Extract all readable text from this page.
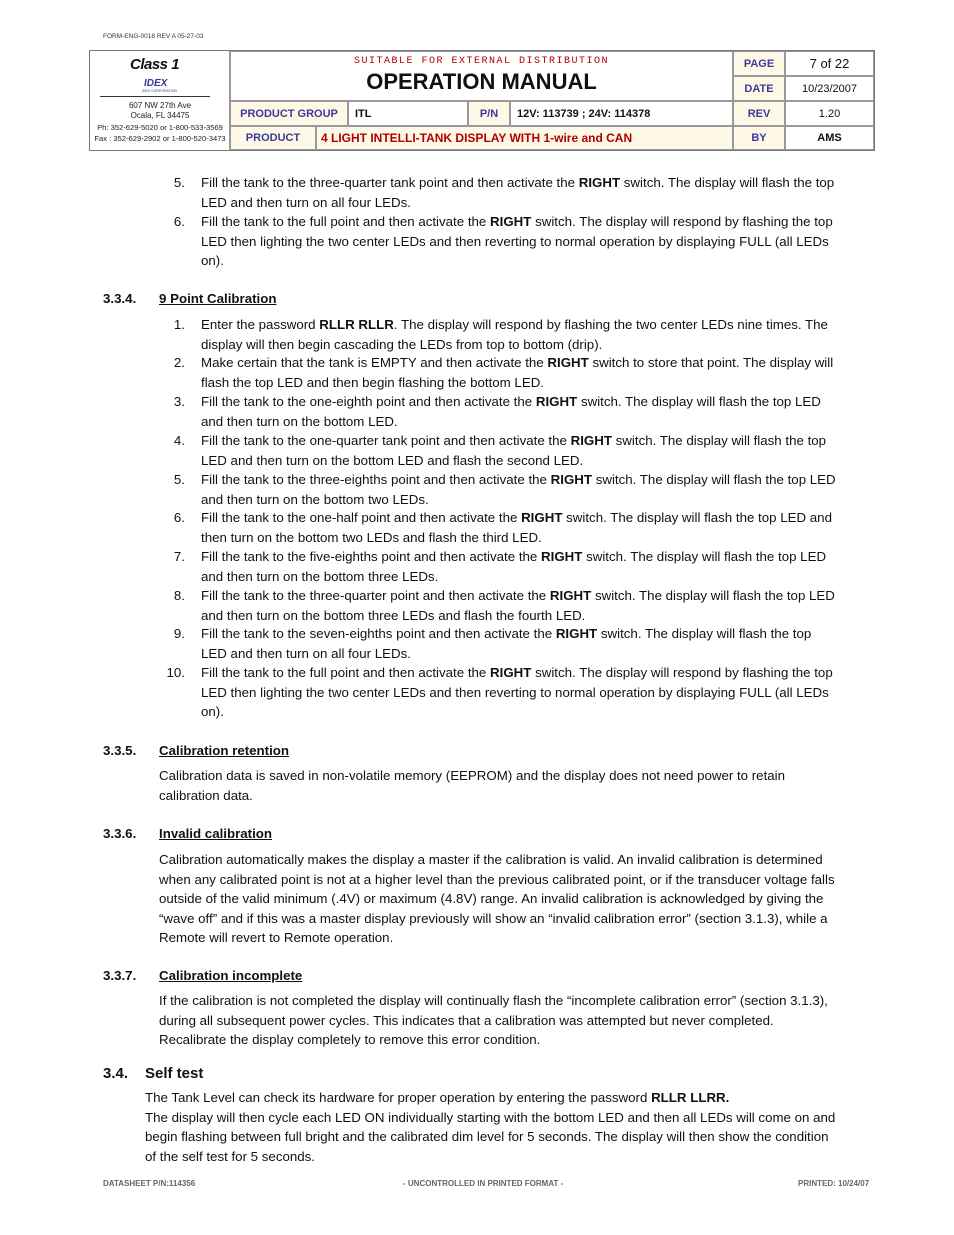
FORM-ENG-0018 REV A 05-27-03
Class 1
IDEX
IDEX CORPORATION
607 NW 27th Ave
Ocala, FL 34475
Ph: 352-629-5020 or 1-800-533-3569
Fax : 352-629-2902 or 1-800-520-3473
SUITABLE FOR EXTERNAL DISTRIBUTION
OPERATION MANUAL
PAGE	7 of 22
DATE	10/23/2007
PRODUCT GROUP	ITL	P/N	12V: 113739 ; 24V: 114378	REV	1.20
PRODUCT	4 LIGHT INTELLI-TANK DISPLAY WITH 1-wire and CAN	BY	AMS
5. Fill the tank to the three-quarter tank point and then activate the RIGHT switch. The display will flash the top
LED and then turn on all four LEDs.
6. Fill the tank to the full point and then activate the RIGHT switch. The display will respond by flashing the top
LED then lighting the two center LEDs and then reverting to normal operation by displaying FULL (all LEDs
on).
3.3.4. 9 Point Calibration
1. Enter the password RLLR RLLR. The display will respond by flashing the two center LEDs nine times. The
display will then begin cascading the LEDs from top to bottom (drip).
2. Make certain that the tank is EMPTY and then activate the RIGHT switch to store that point. The display will
flash the top LED and then begin flashing the bottom LED.
3. Fill the tank to the one-eighth point and then activate the RIGHT switch. The display will flash the top LED
and then turn on the bottom LED.
4. Fill the tank to the one-quarter tank point and then activate the RIGHT switch. The display will flash the top
LED and then turn on the bottom LED and flash the second LED.
5. Fill the tank to the three-eighths point and then activate the RIGHT switch. The display will flash the top LED
and then turn on the bottom two LEDs.
6. Fill the tank to the one-half point and then activate the RIGHT switch. The display will flash the top LED and
then turn on the bottom two LEDs and flash the third LED.
7. Fill the tank to the five-eighths point and then activate the RIGHT switch. The display will flash the top LED
and then turn on the bottom three LEDs.
8. Fill the tank to the three-quarter point and then activate the RIGHT switch. The display will flash the top LED
and then turn on the bottom three LEDs and flash the fourth LED.
9. Fill the tank to the seven-eighths point and then activate the RIGHT switch. The display will flash the top
LED and then turn on all four LEDs.
10. Fill the tank to the full point and then activate the RIGHT switch. The display will respond by flashing the top
LED then lighting the two center LEDs and then reverting to normal operation by displaying FULL (all LEDs
on).
3.3.5. Calibration retention
Calibration data is saved in non-volatile memory (EEPROM) and the display does not need power to retain
calibration data.
3.3.6. Invalid calibration
Calibration automatically makes the display a master if the calibration is valid. An invalid calibration is determined
when any calibrated point is not at a higher level than the previous calibrated point, or if the transducer voltage falls
outside of the valid minimum (.4V) or maximum (4.8V) range. An invalid calibration is acknowledged by giving the
“wave off” and if this was a master display previously will show an “invalid calibration error” (section 3.1.3), while a
Remote will revert to Remote operation.
3.3.7. Calibration incomplete
If the calibration is not completed the display will continually flash the “incomplete calibration error” (section 3.1.3),
during all subsequent power cycles. This indicates that a calibration was attempted but never completed.
Recalibrate the display completely to remove this error condition.
3.4. Self test
The Tank Level can check its hardware for proper operation by entering the password RLLR LLRR.
The display will then cycle each LED ON individually starting with the bottom LED and then all LEDs will come on and
begin flashing between full bright and the calibrated dim level for 5 seconds. The display will then show the condition
of the self test for 5 seconds.
DATASHEET P/N:114356	- UNCONTROLLED IN PRINTED FORMAT -	PRINTED: 10/24/07
